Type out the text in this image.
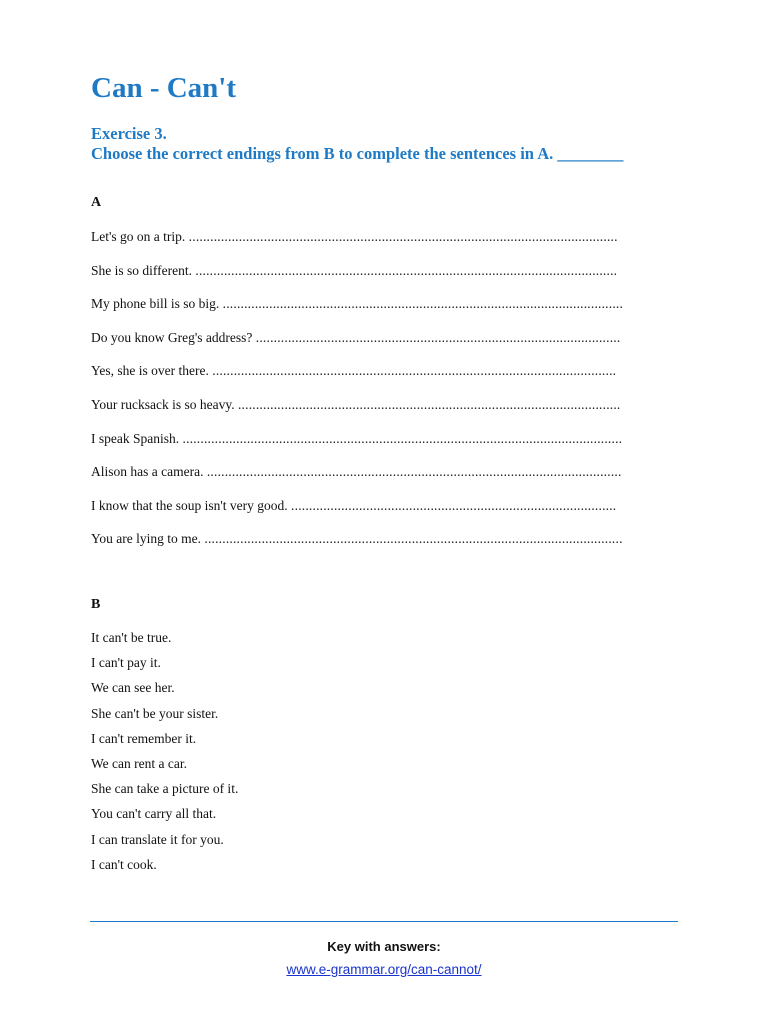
Can - Can't
Exercise 3.
Choose the correct endings from B to complete the sentences in A. ________
A
Let's go on a trip. ........................................................................................................................
She is so different. ......................................................................................................................
My phone bill is so big. ................................................................................................................
Do you know Greg's address? ......................................................................................................
Yes, she is over there. .................................................................................................................
Your rucksack is so heavy. ...........................................................................................................
I speak Spanish. ...........................................................................................................................
Alison has a camera. ....................................................................................................................
I know that the soup isn't very good. ...........................................................................................
You are lying to me. .....................................................................................................................
B
It can't be true.
I can't pay it.
We can see her.
She can't be your sister.
I can't remember it.
We can rent a car.
She can take a picture of it.
You can't carry all that.
I can translate it for you.
I can't cook.
Key with answers:
www.e-grammar.org/can-cannot/
